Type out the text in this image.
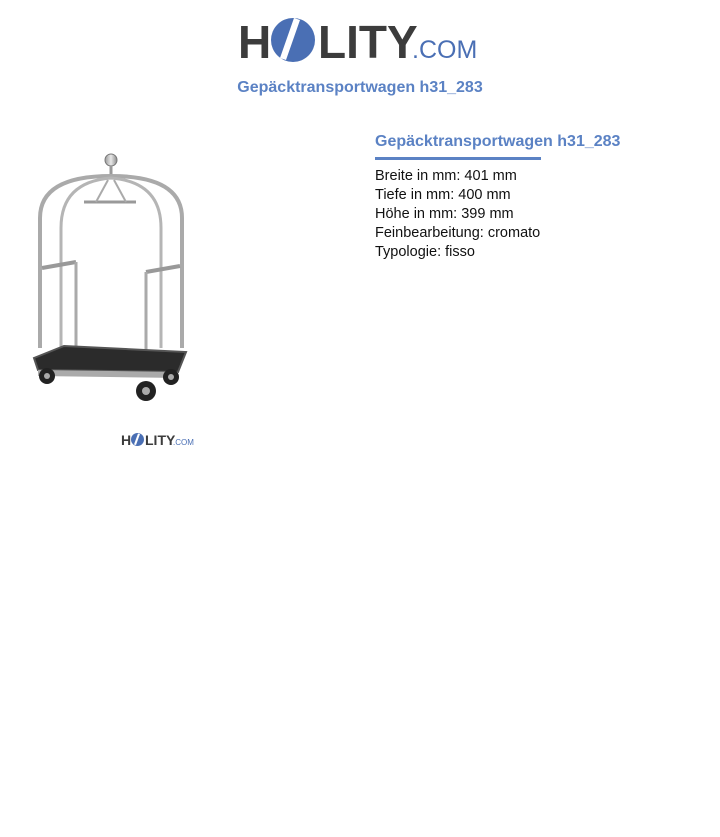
H LITY
.COM
Gepäcktransportwagen h31_283
H LITY
.COM
Gepäcktransportwagen h31_283
Breite in mm: 401 mm
Tiefe in mm: 400 mm
Höhe in mm: 399 mm
Feinbearbeitung: cromato
Typologie: fisso
